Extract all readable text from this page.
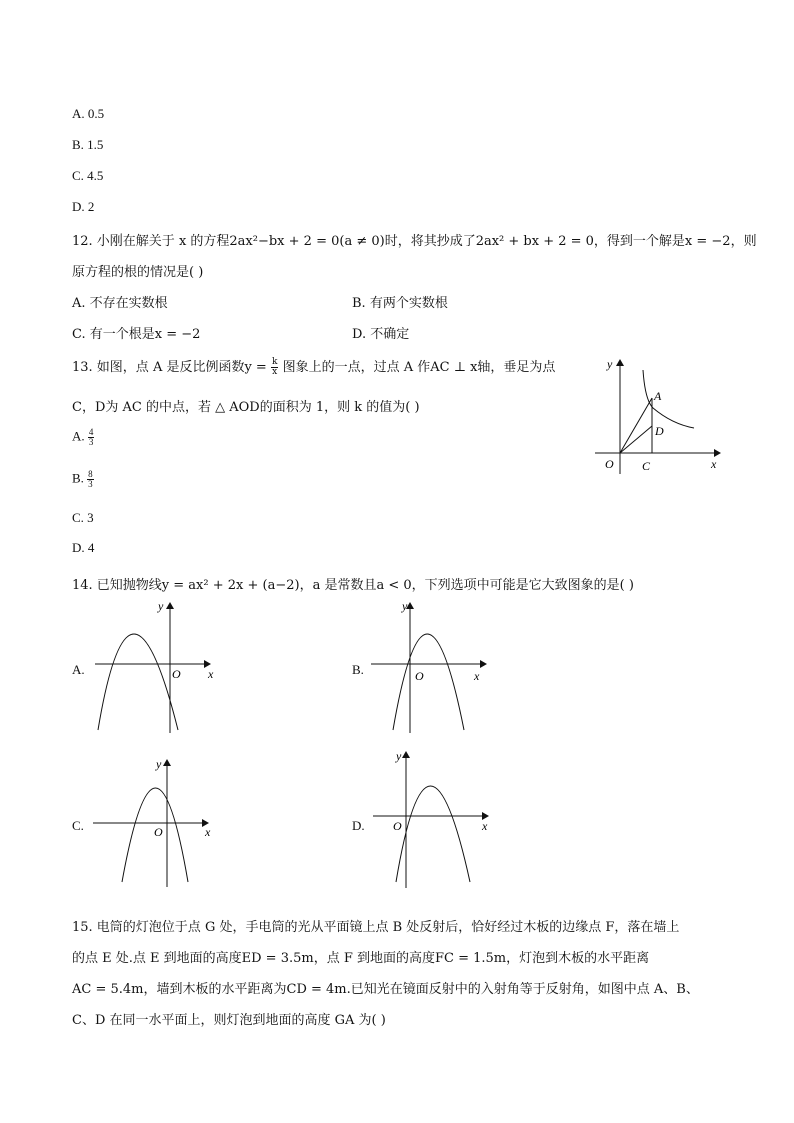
A. 0.5
B. 1.5
C. 4.5
D. 2
12. 小刚在解关于 x 的方程2ax²−bx + 2 = 0(a ≠ 0)时，将其抄成了2ax² + bx + 2 = 0，得到一个解是x = −2，则
原方程的根的情况是( )
A. 不存在实数根	B. 有两个实数根
C. 有一个根是x = −2	D. 不确定
13. 如图，点 A 是反比例函数$y = \frac{k}{x}$ 图象上的一点，过点 A 作AC ⊥ x轴，垂足为点
C，D为 AC 的中点，若 △ AOD的面积为 1，则 k 的值为( )
A. $\frac{4}{3}$
B. $\frac{8}{3}$
C. 3
D. 4
y
x
O C
A
D
14. 已知抛物线y = ax² + 2x + (a−2)，a 是常数且a < 0，下列选项中可能是它大致图象的是( )
A.
y
x
O	B.
y
x
O
C.
y
x
O	D.
y
x
O
15. 电筒的灯泡位于点 G 处，手电筒的光从平面镜上点 B 处反射后，恰好经过木板的边缘点 F，落在墙上
的点 E 处.点 E 到地面的高度ED = 3.5m，点 F 到地面的高度FC = 1.5m，灯泡到木板的水平距离
AC = 5.4m，墙到木板的水平距离为CD = 4m.已知光在镜面反射中的入射角等于反射角，如图中点 A、B、
C、D 在同一水平面上，则灯泡到地面的高度 GA 为( )
